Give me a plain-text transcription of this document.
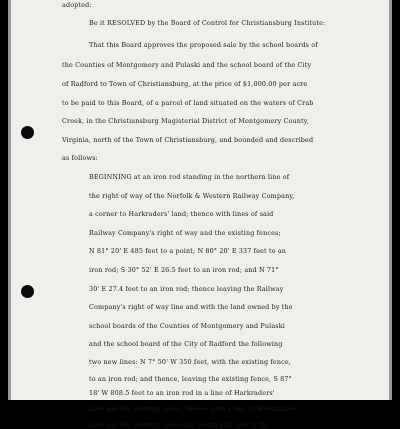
adopted:
Be it RESOLVED by the Board of Control for Christiansburg Institute:
That this Board approves the proposed sale by the school boards of
the Counties of Montgomery and Pulaski and the school board of the City
of Radford to Town of Christiansburg, at the price of $1,000.00 per acre
to be paid to this Board, of a parcel of land situated on the waters of Crab
Creek, in the Christiansburg Magisterial District of Montgomery County,
Virginia, north of the Town of Christiansburg, and bounded and described
as follows:
BEGINNING at an iron rod standing in the northern line of
the right of way of the Norfolk & Western Railway Company,
a corner to Harkraders' land; thence with lines of said
Railway Company's right of way and the existing fences;
N 81° 20' E 485 feet to a point; N 80° 20' E 337 feet to an
iron rod; S 30° 52' E 26.5 feet to an iron rod; and N 71°
30' E 27.4 feet to an iron rod; thence leaving the Railway
Company's right of way line and with the land owned by the
school boards of the Counties of Montgomery and Pulaski
and the school board of the City of Radford the following
two new lines: N 7° 50' W 350 feet, with the existing fence,
to an iron rod; and thence, leaving the existing fence, S 87°
18' W 808.5 feet to an iron rod in a line of Harkraders'
land and the existing fence; thence with a line of Harkraders'
land and the existing fence due South 420 feet to the
